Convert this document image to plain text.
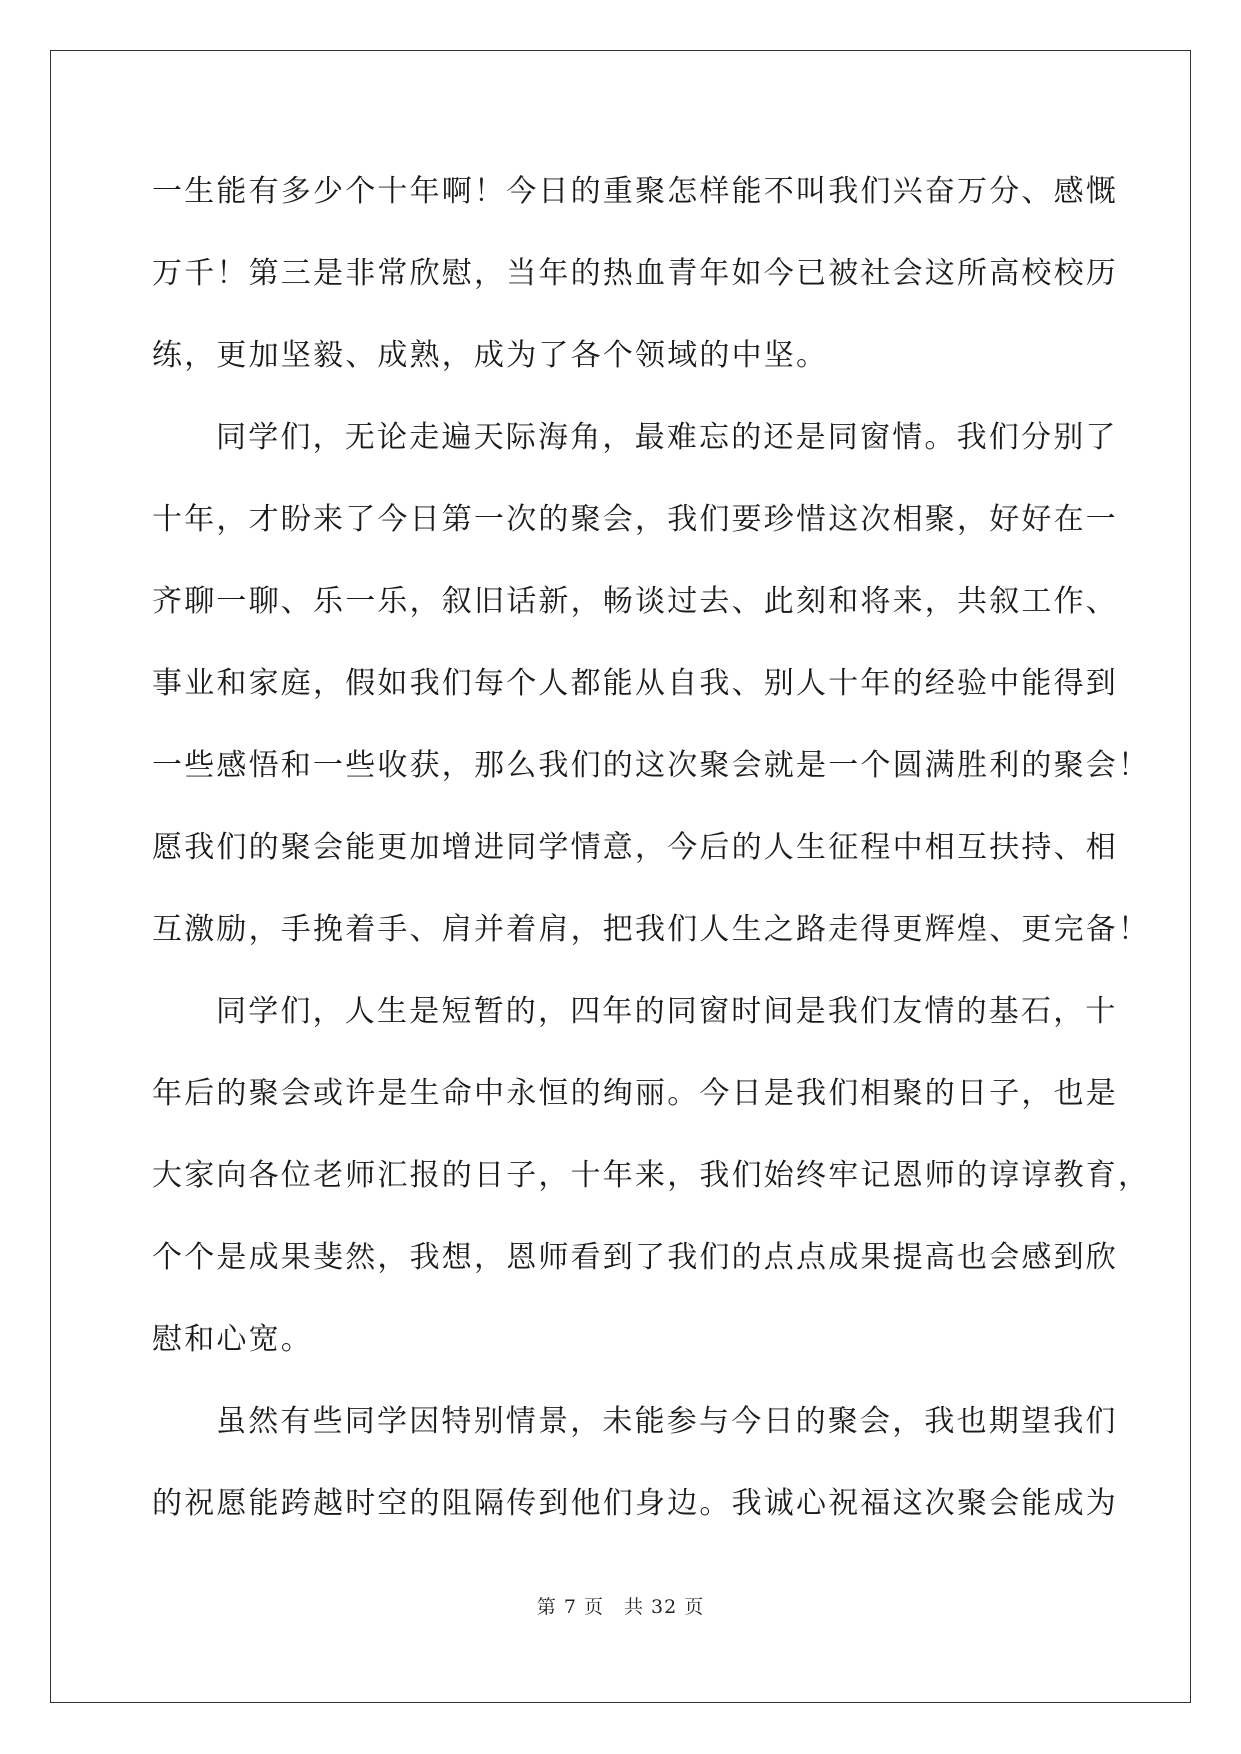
一生能有多少个十年啊！今日的重聚怎样能不叫我们兴奋万分、感慨
万千！第三是非常欣慰，当年的热血青年如今已被社会这所高校校历
练，更加坚毅、成熟，成为了各个领域的中坚。
同学们，无论走遍天际海角，最难忘的还是同窗情。我们分别了
十年，才盼来了今日第一次的聚会，我们要珍惜这次相聚，好好在一
齐聊一聊、乐一乐，叙旧话新，畅谈过去、此刻和将来，共叙工作、
事业和家庭，假如我们每个人都能从自我、别人十年的经验中能得到
一些感悟和一些收获，那么我们的这次聚会就是一个圆满胜利的聚会！
愿我们的聚会能更加增进同学情意，今后的人生征程中相互扶持、相
互激励，手挽着手、肩并着肩，把我们人生之路走得更辉煌、更完备！
同学们，人生是短暂的，四年的同窗时间是我们友情的基石，十
年后的聚会或许是生命中永恒的绚丽。今日是我们相聚的日子，也是
大家向各位老师汇报的日子，十年来，我们始终牢记恩师的谆谆教育，
个个是成果斐然，我想，恩师看到了我们的点点成果提高也会感到欣
慰和心宽。
虽然有些同学因特别情景，未能参与今日的聚会，我也期望我们
的祝愿能跨越时空的阻隔传到他们身边。我诚心祝福这次聚会能成为
第 7 页 共 32 页
